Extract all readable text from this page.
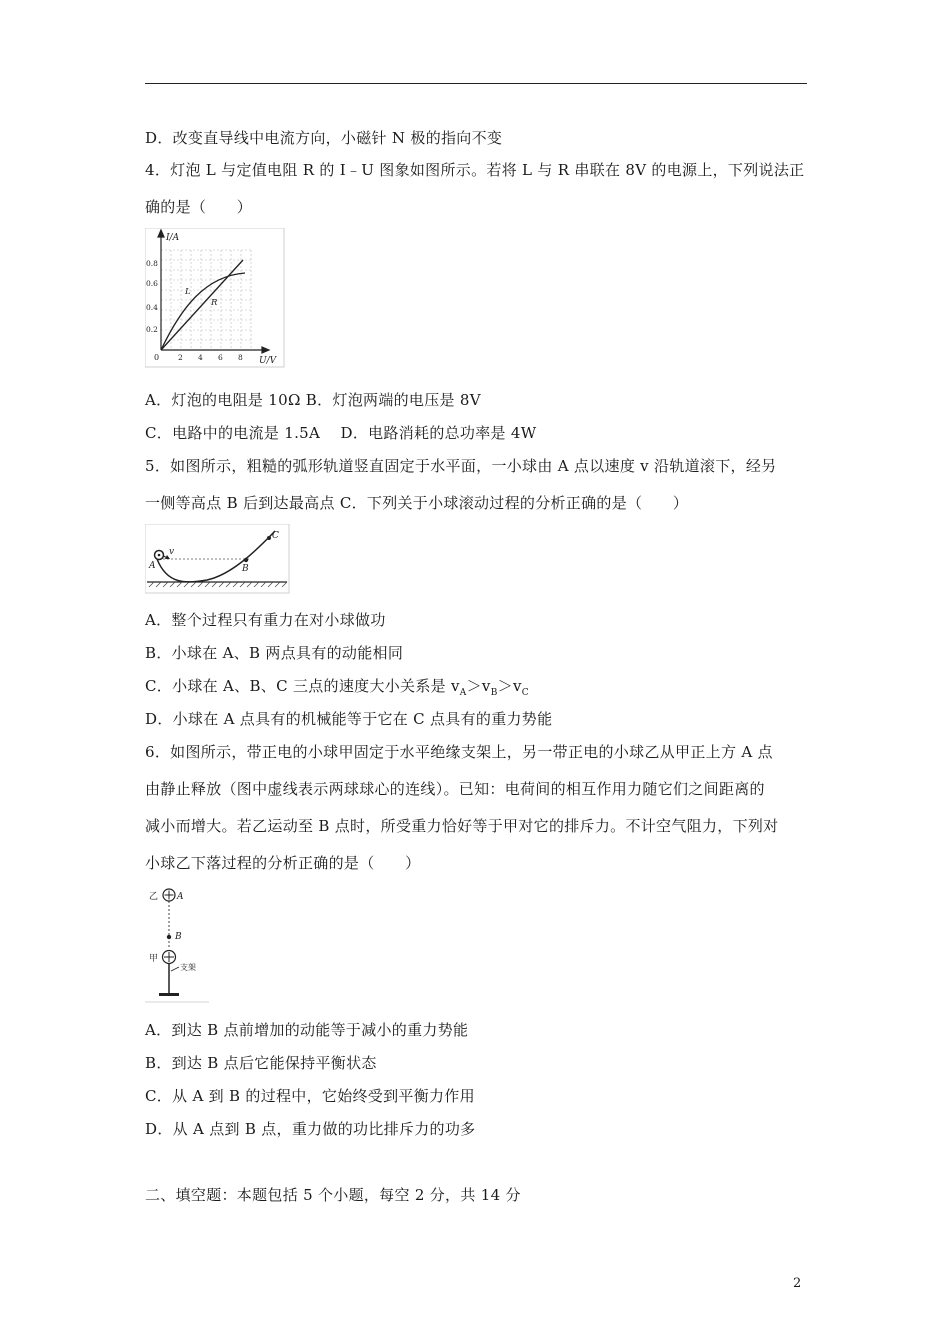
D．改变直导线中电流方向，小磁针 N 极的指向不变
4．灯泡 L 与定值电阻 R 的 I﹣U 图象如图所示。若将 L 与 R 串联在 8V 的电源上，下列说法正
确的是（　　）
I/A
U/V
0
0.8
0.6
0.4
0.2
2 4 6 8
L
R
A．灯泡的电阻是 10Ω B．灯泡两端的电压是 8V
C．电路中的电流是 1.5A　 D．电路消耗的总功率是 4W
5．如图所示，粗糙的弧形轨道竖直固定于水平面，一小球由 A 点以速度 v 沿轨道滚下，经另
一侧等高点 B 后到达最高点 C．下列关于小球滚动过程的分析正确的是（　　）
A
v
B
C
A．整个过程只有重力在对小球做功
B．小球在 A、B 两点具有的动能相同
C．小球在 A、B、C 三点的速度大小关系是 $v_A>v_B>v_C$
D．小球在 A 点具有的机械能等于它在 C 点具有的重力势能
6．如图所示，带正电的小球甲固定于水平绝缘支架上，另一带正电的小球乙从甲正上方 A 点
由静止释放（图中虚线表示两球球心的连线）。已知：电荷间的相互作用力随它们之间距离的
减小而增大。若乙运动至 B 点时，所受重力恰好等于甲对它的排斥力。不计空气阻力，下列对
小球乙下落过程的分析正确的是（　　）
乙 A
B
甲
支架
A．到达 B 点前增加的动能等于减小的重力势能
B．到达 B 点后它能保持平衡状态
C．从 A 到 B 的过程中，它始终受到平衡力作用
D．从 A 点到 B 点，重力做的功比排斥力的功多
二、填空题：本题包括 5 个小题，每空 2 分，共 14 分
2
